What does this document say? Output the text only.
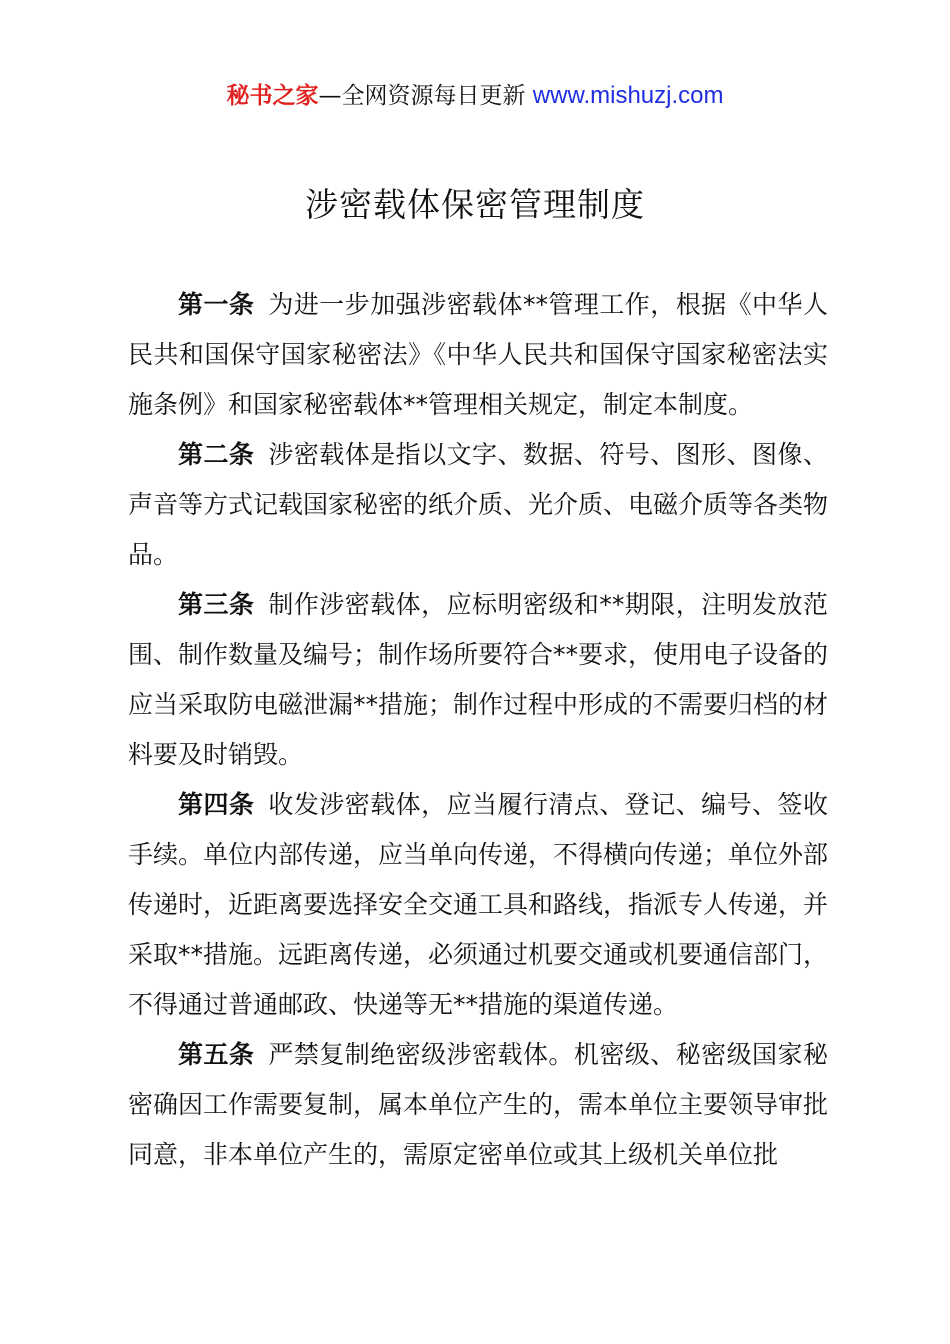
秘书之家—全网资源每日更新 www.mishuzj.com
涉密载体保密管理制度

第一条 为进一步加强涉密载体**管理工作，根据《中华人民共和国保守国家秘密法》《中华人民共和国保守国家秘密法实施条例》和国家秘密载体**管理相关规定，制定本制度。

第二条 涉密载体是指以文字、数据、符号、图形、图像、声音等方式记载国家秘密的纸介质、光介质、电磁介质等各类物品。

第三条 制作涉密载体，应标明密级和**期限，注明发放范围、制作数量及编号；制作场所要符合**要求，使用电子设备的应当采取防电磁泄漏**措施；制作过程中形成的不需要归档的材料要及时销毁。

第四条 收发涉密载体，应当履行清点、登记、编号、签收手续。单位内部传递，应当单向传递，不得横向传递；单位外部传递时，近距离要选择安全交通工具和路线，指派专人传递，并采取**措施。远距离传递，必须通过机要交通或机要通信部门，不得通过普通邮政、快递等无**措施的渠道传递。

第五条 严禁复制绝密级涉密载体。机密级、秘密级国家秘密确因工作需要复制，属本单位产生的，需本单位主要领导审批同意，非本单位产生的，需原定密单位或其上级机关单位批
